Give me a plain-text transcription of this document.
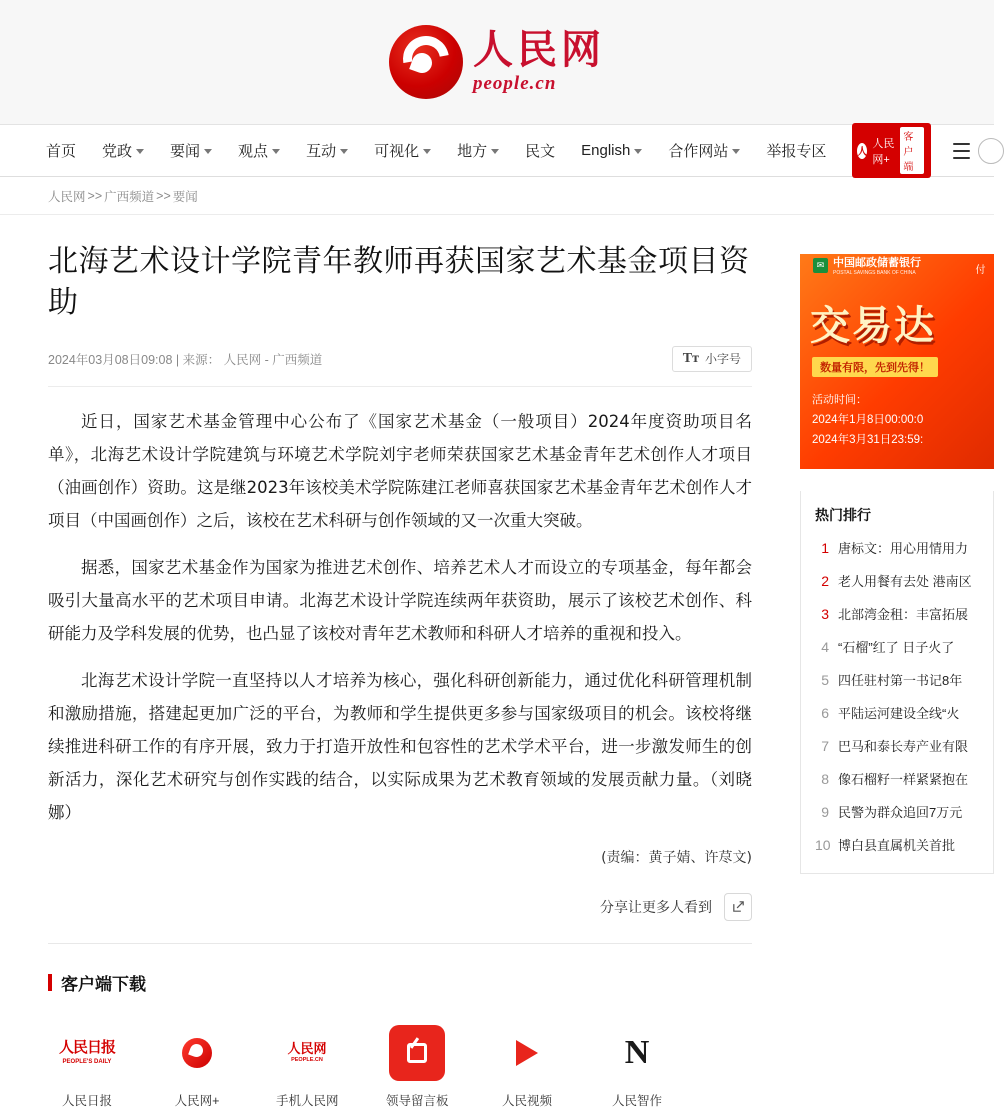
人民网
people.cn
首页 党政	要闻	观点	互动	可视化	地方	民文 English	合作网站	举报专区	人
人民网+
客户端
人民网 >> 广西频道 >> 要闻
北海艺术设计学院青年教师再获国家艺术基金项目资助
2024年03月08日09:08 | 来源： 人民网 - 广西频道	Tᴛ 小字号

近日，国家艺术基金管理中心公布了《国家艺术基金（一般项目）2024年度资助项目名单》，北海艺术设计学院建筑与环境艺术学院刘宇老师荣获国家艺术基金青年艺术创作人才项目（油画创作）资助。这是继2023年该校美术学院陈建江老师喜获国家艺术基金青年艺术创作人才项目（中国画创作）之后，该校在艺术科研与创作领域的又一次重大突破。

据悉，国家艺术基金作为国家为推进艺术创作、培养艺术人才而设立的专项基金，每年都会吸引大量高水平的艺术项目申请。北海艺术设计学院连续两年获资助，展示了该校艺术创作、科研能力及学科发展的优势，也凸显了该校对青年艺术教师和科研人才培养的重视和投入。

北海艺术设计学院一直坚持以人才培养为核心，强化科研创新能力，通过优化科研管理机制和激励措施，搭建起更加广泛的平台，为教师和学生提供更多参与国家级项目的机会。该校将继续推进科研工作的有序开展，致力于打造开放性和包容性的艺术学术平台，进一步激发师生的创新活力，深化艺术研究与创作实践的结合，以实际成果为艺术教育领域的发展贡献力量。（刘晓娜）

(责编：黄子婧、许荩文)
分享让更多人看到
客户端下载
人民日报
PEOPLE'S DAILY
人民日报	人民网+
人民网
PEOPLE.CN
手机人民网	领导留言板	人民视频
N
人民智作
✉ 中国邮政储蓄银行
POSTAL SAVINGS BANK OF CHINA
交易达
数量有限，先到先得！
活动时间：
2024年1月8日00:00:0
2024年3月31日23:59:
付
热门排行
1 唐标文：用心用情用力
2 老人用餐有去处 港南区
3 北部湾金租：丰富拓展
4 “石榴”红了 日子火了
5 四任驻村第一书记8年
6 平陆运河建设全线“火
7 巴马和泰长寿产业有限
8 像石榴籽一样紧紧抱在
9 民警为群众追回7万元
10 博白县直属机关首批
